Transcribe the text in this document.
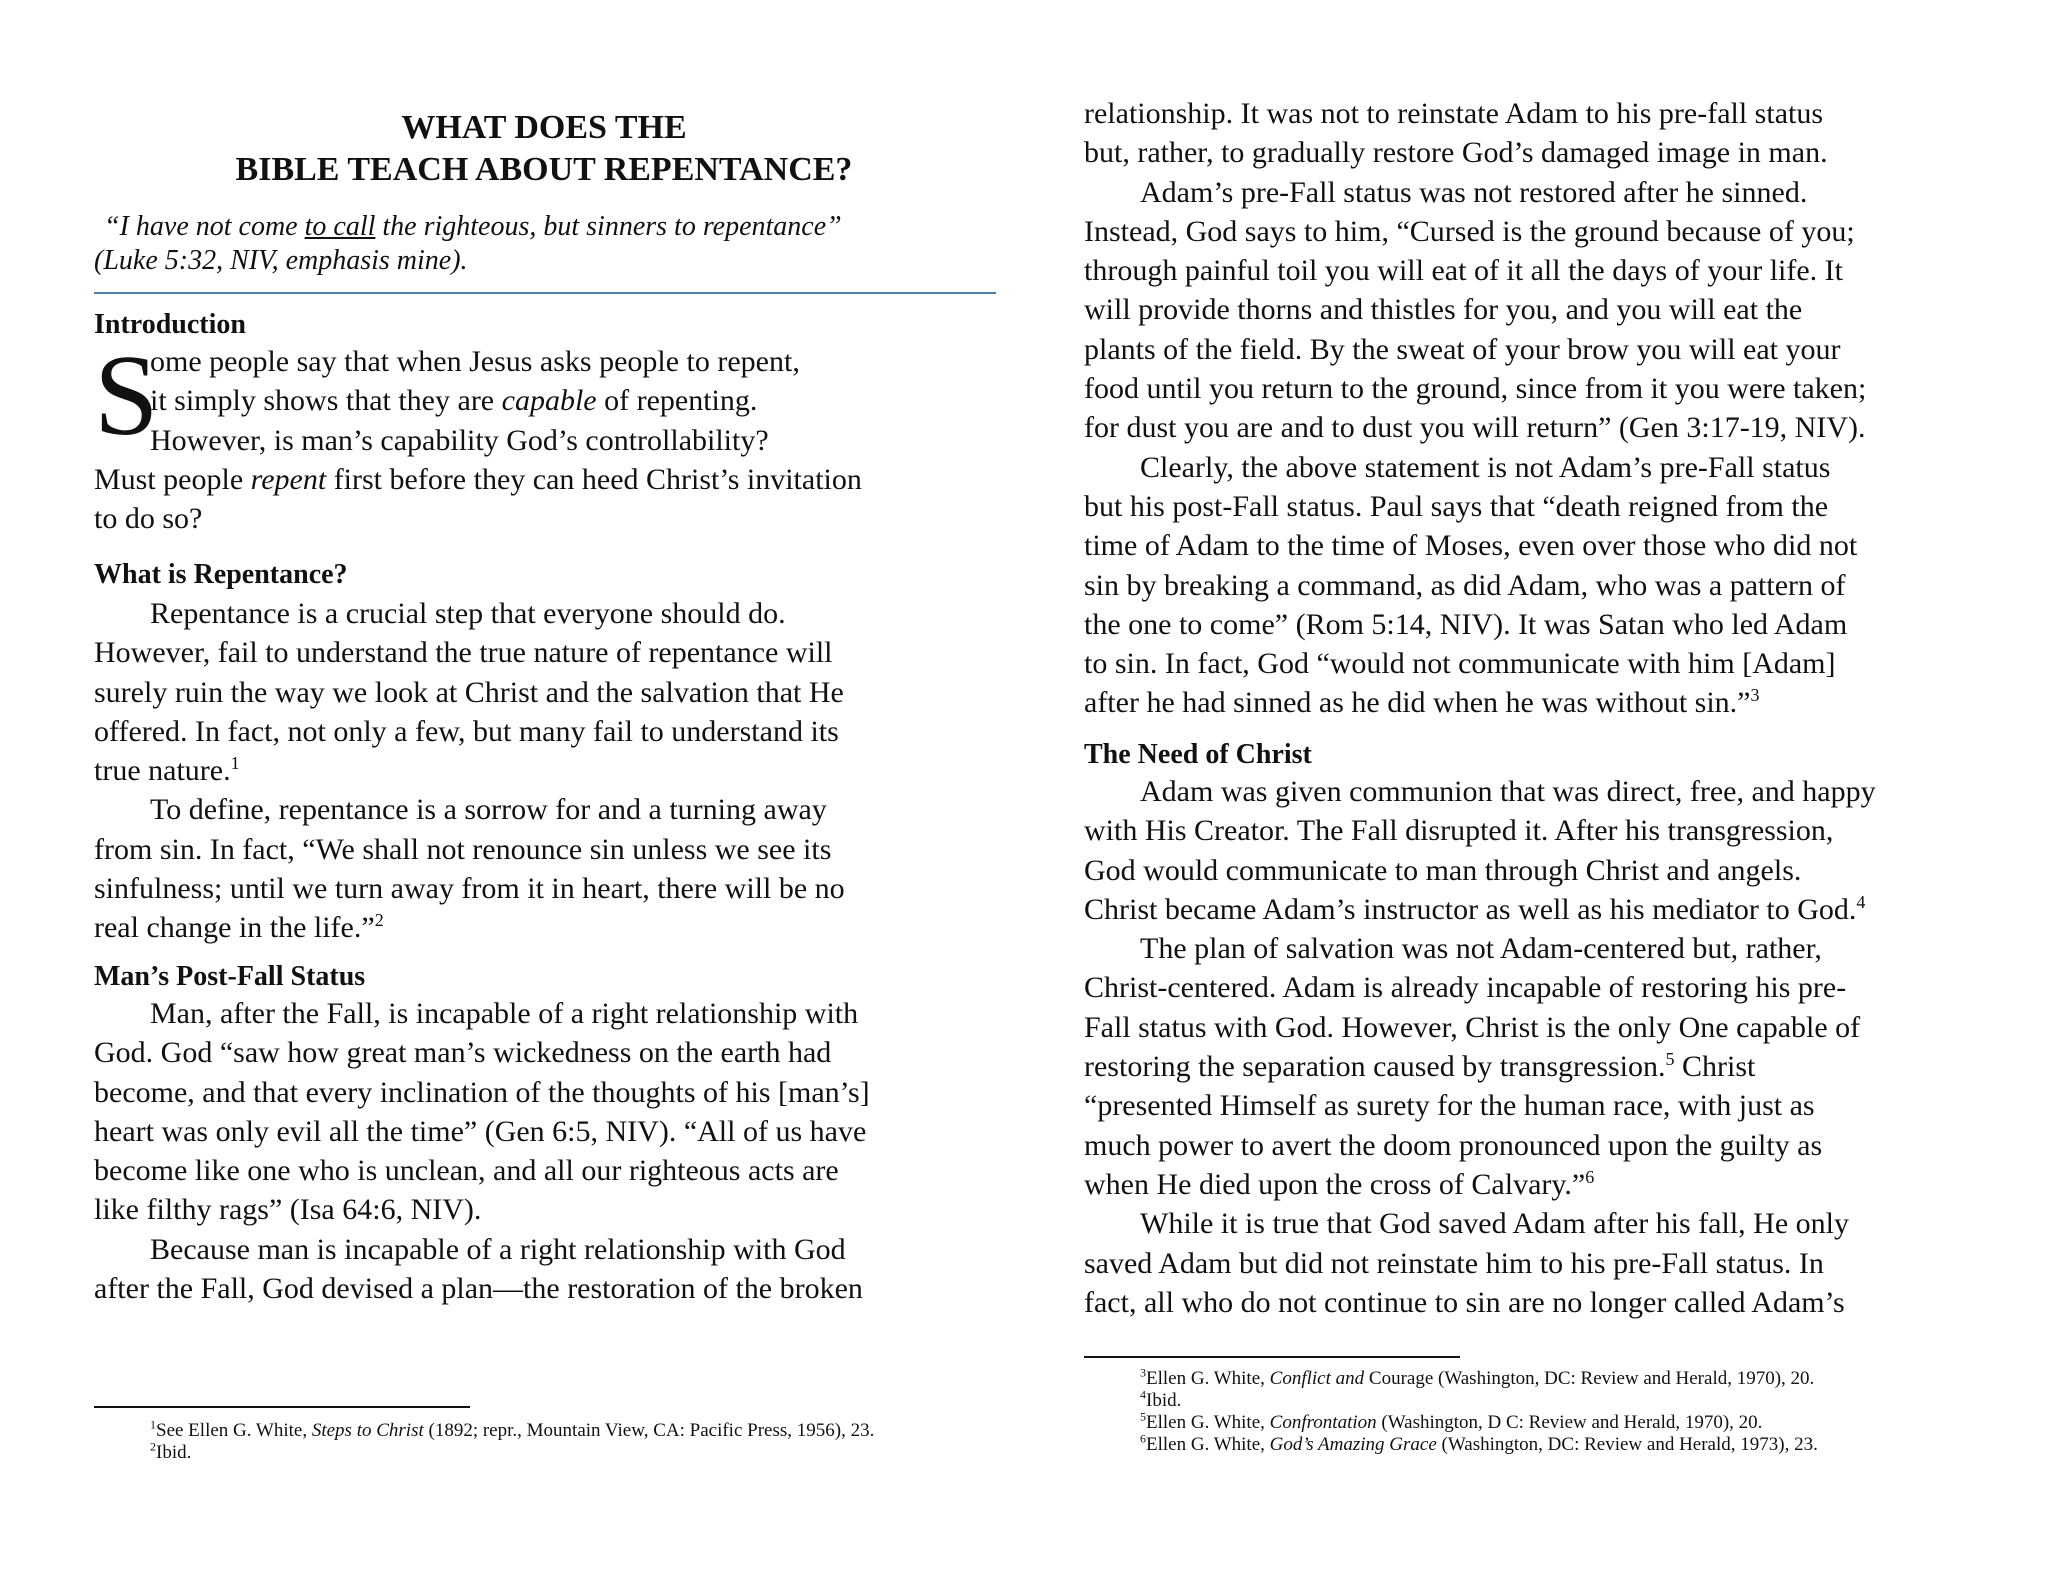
WHAT DOES THE
BIBLE TEACH ABOUT REPENTANCE?
“I have not come to call the righteous, but sinners to repentance”
(Luke 5:32, NIV, emphasis mine).
Introduction
S
ome people say that when Jesus asks people to repent,
it simply shows that they are capable of repenting.
However, is man’s capability God’s controllability?
Must people repent first before they can heed Christ’s invitation
to do so?
What is Repentance?
Repentance is a crucial step that everyone should do.
However, fail to understand the true nature of repentance will
surely ruin the way we look at Christ and the salvation that He
offered. In fact, not only a few, but many fail to understand its
true nature.$^1$
To define, repentance is a sorrow for and a turning away
from sin. In fact, “We shall not renounce sin unless we see its
sinfulness; until we turn away from it in heart, there will be no
real change in the life.”$^2$
Man’s Post-Fall Status
Man, after the Fall, is incapable of a right relationship with
God. God “saw how great man’s wickedness on the earth had
become, and that every inclination of the thoughts of his [man’s]
heart was only evil all the time” (Gen 6:5, NIV). “All of us have
become like one who is unclean, and all our righteous acts are
like filthy rags” (Isa 64:6, NIV).
Because man is incapable of a right relationship with God
after the Fall, God devised a plan—the restoration of the broken
$^1$See Ellen G. White, Steps to Christ (1892; repr., Mountain View, CA: Pacific Press, 1956), 23.
$^2$Ibid.
relationship. It was not to reinstate Adam to his pre-fall status
but, rather, to gradually restore God’s damaged image in man.
Adam’s pre-Fall status was not restored after he sinned.
Instead, God says to him, “Cursed is the ground because of you;
through painful toil you will eat of it all the days of your life. It
will provide thorns and thistles for you, and you will eat the
plants of the field. By the sweat of your brow you will eat your
food until you return to the ground, since from it you were taken;
for dust you are and to dust you will return” (Gen 3:17-19, NIV).
Clearly, the above statement is not Adam’s pre-Fall status
but his post-Fall status. Paul says that “death reigned from the
time of Adam to the time of Moses, even over those who did not
sin by breaking a command, as did Adam, who was a pattern of
the one to come” (Rom 5:14, NIV). It was Satan who led Adam
to sin. In fact, God “would not communicate with him [Adam]
after he had sinned as he did when he was without sin.”$^3$
The Need of Christ
Adam was given communion that was direct, free, and happy
with His Creator. The Fall disrupted it. After his transgression,
God would communicate to man through Christ and angels.
Christ became Adam’s instructor as well as his mediator to God.$^4$
The plan of salvation was not Adam-centered but, rather,
Christ-centered. Adam is already incapable of restoring his pre-
Fall status with God. However, Christ is the only One capable of
restoring the separation caused by transgression.$^5$ Christ
“presented Himself as surety for the human race, with just as
much power to avert the doom pronounced upon the guilty as
when He died upon the cross of Calvary.”$^6$
While it is true that God saved Adam after his fall, He only
saved Adam but did not reinstate him to his pre-Fall status. In
fact, all who do not continue to sin are no longer called Adam’s
$^3$Ellen G. White, Conflict and Courage (Washington, DC: Review and Herald, 1970), 20.
$^4$Ibid.
$^5$Ellen G. White, Confrontation (Washington, D C: Review and Herald, 1970), 20.
$^6$Ellen G. White, God’s Amazing Grace (Washington, DC: Review and Herald, 1973), 23.
